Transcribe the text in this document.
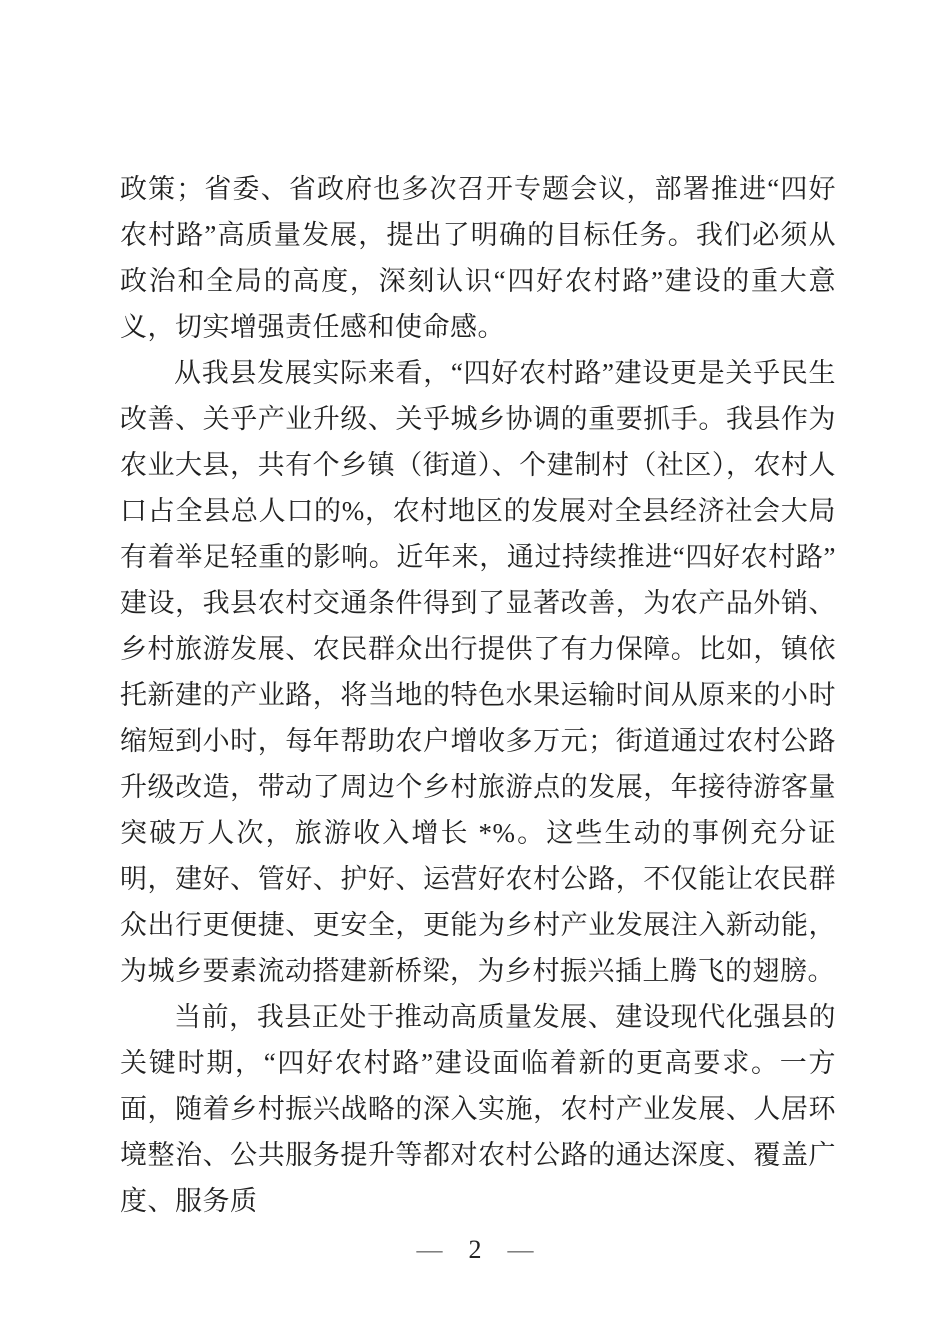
政策；省委、省政府也多次召开专题会议，部署推进“四好农村路”高质量发展，提出了明确的目标任务。我们必须从政治和全局的高度，深刻认识“四好农村路”建设的重大意义，切实增强责任感和使命感。

从我县发展实际来看，“四好农村路”建设更是关乎民生改善、关乎产业升级、关乎城乡协调的重要抓手。我县作为农业大县，共有个乡镇（街道）、个建制村（社区），农村人口占全县总人口的%，农村地区的发展对全县经济社会大局有着举足轻重的影响。近年来，通过持续推进“四好农村路”建设，我县农村交通条件得到了显著改善，为农产品外销、乡村旅游发展、农民群众出行提供了有力保障。比如，镇依托新建的产业路，将当地的特色水果运输时间从原来的小时缩短到小时，每年帮助农户增收多万元；街道通过农村公路升级改造，带动了周边个乡村旅游点的发展，年接待游客量突破万人次，旅游收入增长 *%。这些生动的事例充分证明，建好、管好、护好、运营好农村公路，不仅能让农民群众出行更便捷、更安全，更能为乡村产业发展注入新动能，为城乡要素流动搭建新桥梁，为乡村振兴插上腾飞的翅膀。

当前，我县正处于推动高质量发展、建设现代化强县的关键时期，“四好农村路”建设面临着新的更高要求。一方面，随着乡村振兴战略的深入实施，农村产业发展、人居环境整治、公共服务提升等都对农村公路的通达深度、覆盖广度、服务质

— 2 —
